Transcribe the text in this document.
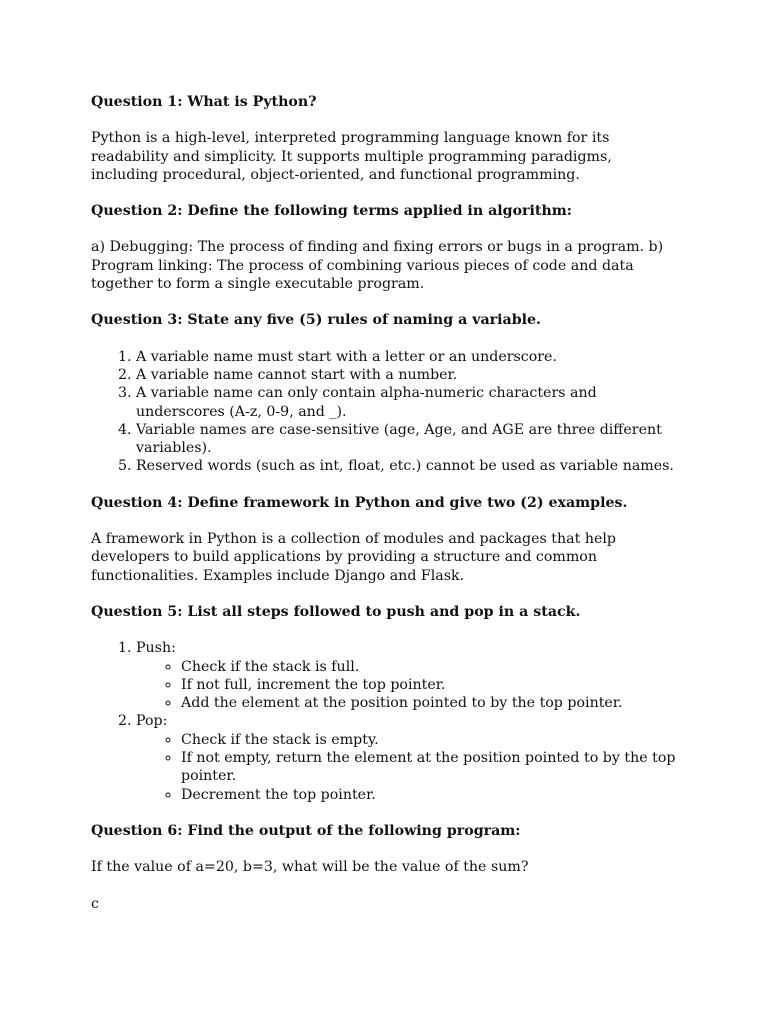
Question 1: What is Python?

Python is a high-level, interpreted programming language known for its readability and simplicity. It supports multiple programming paradigms, including procedural, object-oriented, and functional programming.

Question 2: Define the following terms applied in algorithm:

a) Debugging: The process of finding and fixing errors or bugs in a program. b) Program linking: The process of combining various pieces of code and data together to form a single executable program.

Question 3: State any five (5) rules of naming a variable.

1. A variable name must start with a letter or an underscore.
2. A variable name cannot start with a number.
3. A variable name can only contain alpha-numeric characters and underscores (A-z, 0-9, and _).
4. Variable names are case-sensitive (age, Age, and AGE are three different variables).
5. Reserved words (such as int, float, etc.) cannot be used as variable names.

Question 4: Define framework in Python and give two (2) examples.

A framework in Python is a collection of modules and packages that help developers to build applications by providing a structure and common functionalities. Examples include Django and Flask.

Question 5: List all steps followed to push and pop in a stack.

1. Push:
◦ Check if the stack is full.
◦ If not full, increment the top pointer.
◦ Add the element at the position pointed to by the top pointer.
2. Pop:
◦ Check if the stack is empty.
◦ If not empty, return the element at the position pointed to by the top pointer.
◦ Decrement the top pointer.

Question 6: Find the output of the following program:

If the value of a=20, b=3, what will be the value of the sum?

c
